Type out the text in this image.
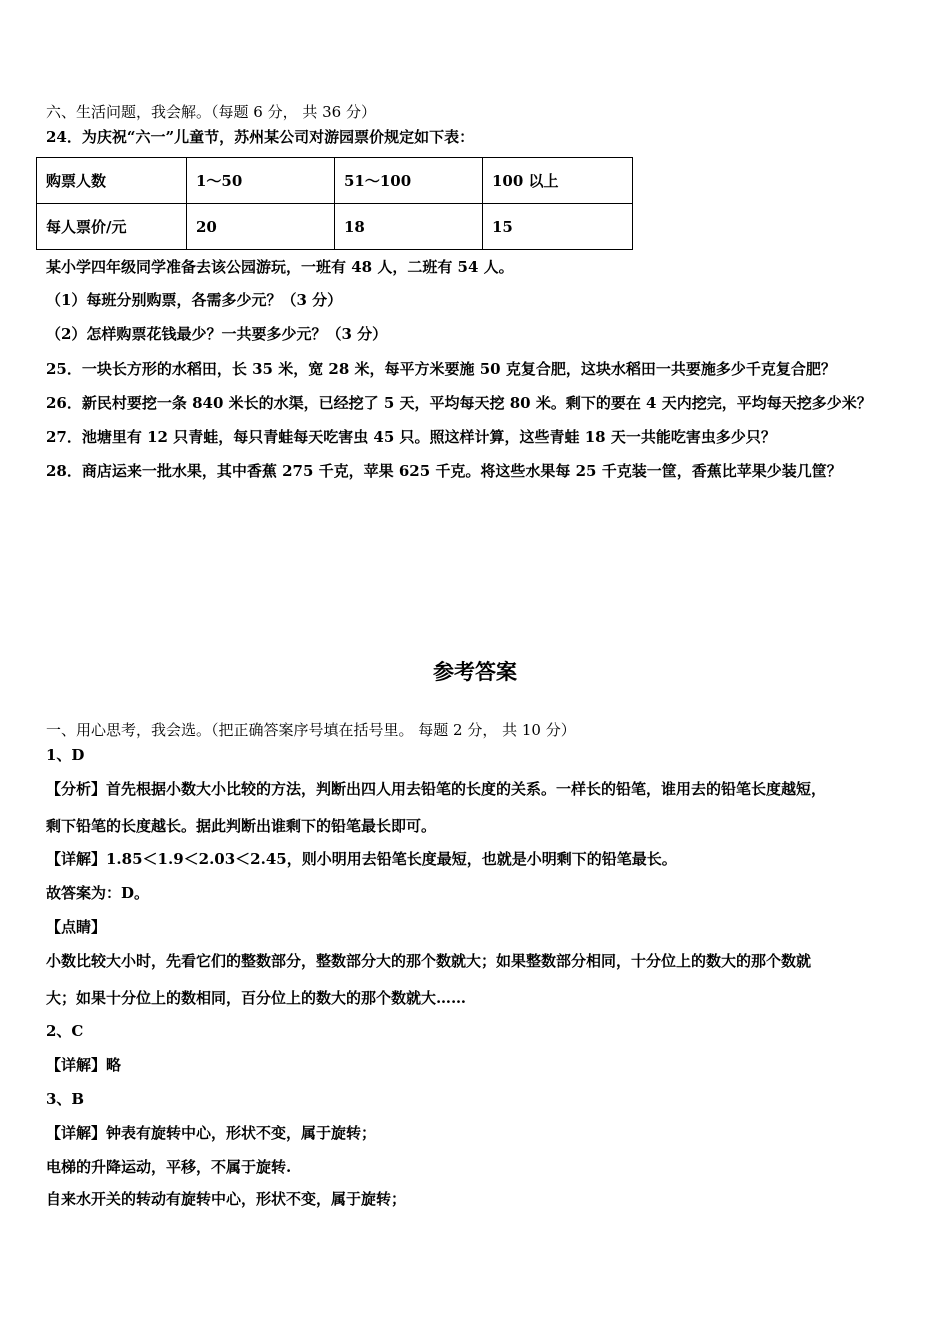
六、生活问题，我会解。（每题 6 分， 共 36 分）
24．为庆祝“六一”儿童节，苏州某公司对游园票价规定如下表：
购票人数	1～50	51～100	100 以上
每人票价/元	20	18	15
某小学四年级同学准备去该公园游玩，一班有 48 人，二班有 54 人。
（1）每班分别购票，各需多少元？（3 分）
（2）怎样购票花钱最少？一共要多少元？（3 分）
25．一块长方形的水稻田，长 35 米，宽 28 米，每平方米要施 50 克复合肥，这块水稻田一共要施多少千克复合肥？
26．新民村要挖一条 840 米长的水渠，已经挖了 5 天，平均每天挖 80 米。剩下的要在 4 天内挖完，平均每天挖多少米？
27．池塘里有 12 只青蛙，每只青蛙每天吃害虫 45 只。照这样计算，这些青蛙 18 天一共能吃害虫多少只？
28．商店运来一批水果，其中香蕉 275 千克，苹果 625 千克。将这些水果每 25 千克装一筐，香蕉比苹果少装几筐？
参考答案
一、用心思考，我会选。（把正确答案序号填在括号里。 每题 2 分， 共 10 分）
1、D
【分析】首先根据小数大小比较的方法，判断出四人用去铅笔的长度的关系。一样长的铅笔，谁用去的铅笔长度越短，
剩下铅笔的长度越长。据此判断出谁剩下的铅笔最长即可。
【详解】1.85＜1.9＜2.03＜2.45，则小明用去铅笔长度最短，也就是小明剩下的铅笔最长。
故答案为：D。
【点睛】
小数比较大小时，先看它们的整数部分，整数部分大的那个数就大；如果整数部分相同，十分位上的数大的那个数就
大；如果十分位上的数相同，百分位上的数大的那个数就大……
2、C
【详解】略
3、B
【详解】钟表有旋转中心，形状不变，属于旋转；
电梯的升降运动，平移，不属于旋转.
自来水开关的转动有旋转中心，形状不变，属于旋转；
